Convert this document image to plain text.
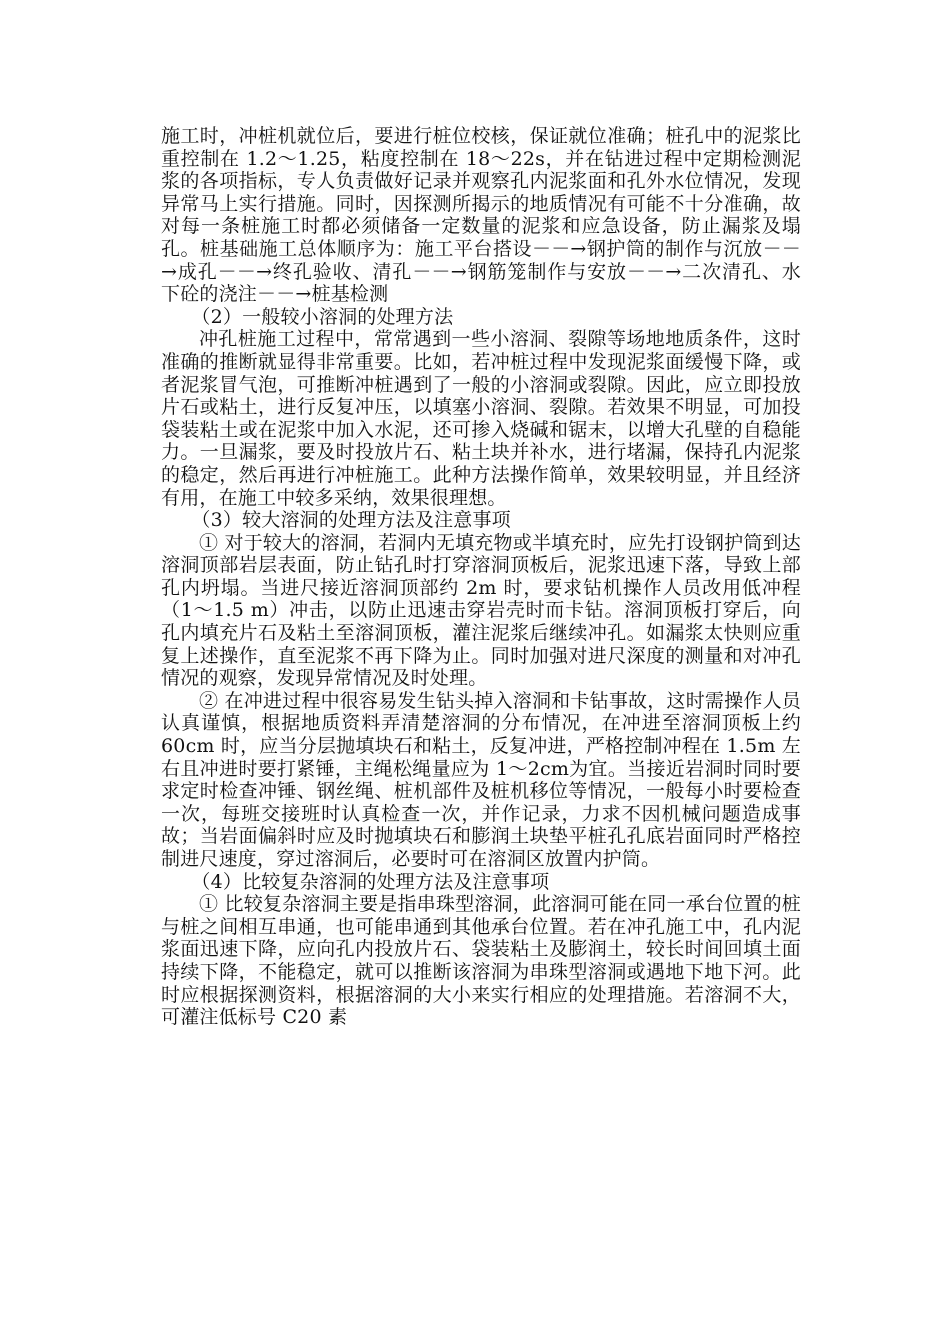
施工时，冲桩机就位后，要进行桩位校核，保证就位准确；桩孔中的泥浆比重控制在 1.2～1.25，粘度控制在 18～22s，并在钻进过程中定期检测泥浆的各项指标，专人负责做好记录并观察孔内泥浆面和孔外水位情况，发现异常马上实行措施。同时，因探测所揭示的地质情况有可能不十分准确，故对每一条桩施工时都必须储备一定数量的泥浆和应急设备，防止漏浆及塌孔。桩基础施工总体顺序为：施工平台搭设－－→钢护筒的制作与沉放－－→成孔－－→终孔验收、清孔－－→钢筋笼制作与安放－－→二次清孔、水下砼的浇注－－→桩基检测

（2）一般较小溶洞的处理方法

冲孔桩施工过程中，常常遇到一些小溶洞、裂隙等场地地质条件，这时准确的推断就显得非常重要。比如，若冲桩过程中发现泥浆面缓慢下降，或者泥浆冒气泡，可推断冲桩遇到了一般的小溶洞或裂隙。因此，应立即投放片石或粘土，进行反复冲压，以填塞小溶洞、裂隙。若效果不明显，可加投袋装粘土或在泥浆中加入水泥，还可掺入烧碱和锯末，以增大孔壁的自稳能力。一旦漏浆，要及时投放片石、粘土块并补水，进行堵漏，保持孔内泥浆的稳定，然后再进行冲桩施工。此种方法操作简单，效果较明显，并且经济有用，在施工中较多采纳，效果很理想。

（3）较大溶洞的处理方法及注意事项

① 对于较大的溶洞，若洞内无填充物或半填充时，应先打设钢护筒到达溶洞顶部岩层表面，防止钻孔时打穿溶洞顶板后，泥浆迅速下落，导致上部孔内坍塌。当进尺接近溶洞顶部约 2m 时，要求钻机操作人员改用低冲程（1～1.5 m）冲击，以防止迅速击穿岩壳时而卡钻。溶洞顶板打穿后，向孔内填充片石及粘土至溶洞顶板，灌注泥浆后继续冲孔。如漏浆太快则应重复上述操作，直至泥浆不再下降为止。同时加强对进尺深度的测量和对冲孔情况的观察，发现异常情况及时处理。

② 在冲进过程中很容易发生钻头掉入溶洞和卡钻事故，这时需操作人员认真谨慎，根据地质资料弄清楚溶洞的分布情况，在冲进至溶洞顶板上约 60cm 时，应当分层抛填块石和粘土，反复冲进，严格控制冲程在 1.5m 左右且冲进时要打紧锤，主绳松绳量应为 1～2cm为宜。当接近岩洞时同时要求定时检查冲锤、钢丝绳、桩机部件及桩机移位等情况，一般每小时要检查一次，每班交接班时认真检查一次，并作记录，力求不因机械问题造成事故；当岩面偏斜时应及时抛填块石和膨润土块垫平桩孔孔底岩面同时严格控制进尺速度，穿过溶洞后，必要时可在溶洞区放置内护筒。

（4）比较复杂溶洞的处理方法及注意事项

① 比较复杂溶洞主要是指串珠型溶洞，此溶洞可能在同一承台位置的桩与桩之间相互串通，也可能串通到其他承台位置。若在冲孔施工中，孔内泥浆面迅速下降，应向孔内投放片石、袋装粘土及膨润土，较长时间回填土面持续下降，不能稳定，就可以推断该溶洞为串珠型溶洞或遇地下地下河。此时应根据探测资料，根据溶洞的大小来实行相应的处理措施。若溶洞不大，可灌注低标号 C20 素
